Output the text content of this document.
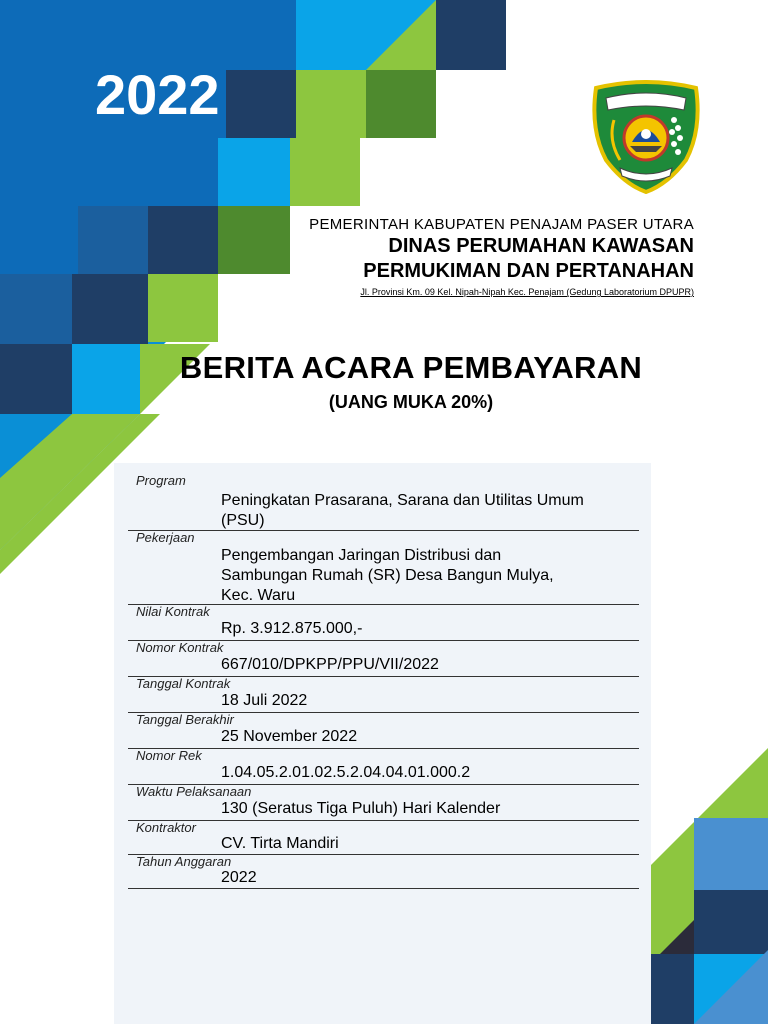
2022
PEMERINTAH KABUPATEN PENAJAM PASER UTARA
DINAS PERUMAHAN KAWASAN
PERMUKIMAN DAN PERTANAHAN
Jl. Provinsi Km. 09 Kel. Nipah-Nipah Kec. Penajam (Gedung Laboratorium DPUPR)
BERITA ACARA PEMBAYARAN
(UANG MUKA 20%)
Program
Peningkatan Prasarana, Sarana dan Utilitas Umum
(PSU)
Pekerjaan
Pengembangan Jaringan Distribusi dan
Sambungan Rumah (SR) Desa Bangun Mulya,
Kec. Waru
Nilai Kontrak
Rp. 3.912.875.000,-
Nomor Kontrak
667/010/DPKPP/PPU/VII/2022
Tanggal Kontrak
18 Juli 2022
Tanggal Berakhir
25 November 2022
Nomor Rek
1.04.05.2.01.02.5.2.04.04.01.000.2
Waktu Pelaksanaan
130 (Seratus Tiga Puluh) Hari Kalender
Kontraktor
CV. Tirta Mandiri
Tahun Anggaran
2022
